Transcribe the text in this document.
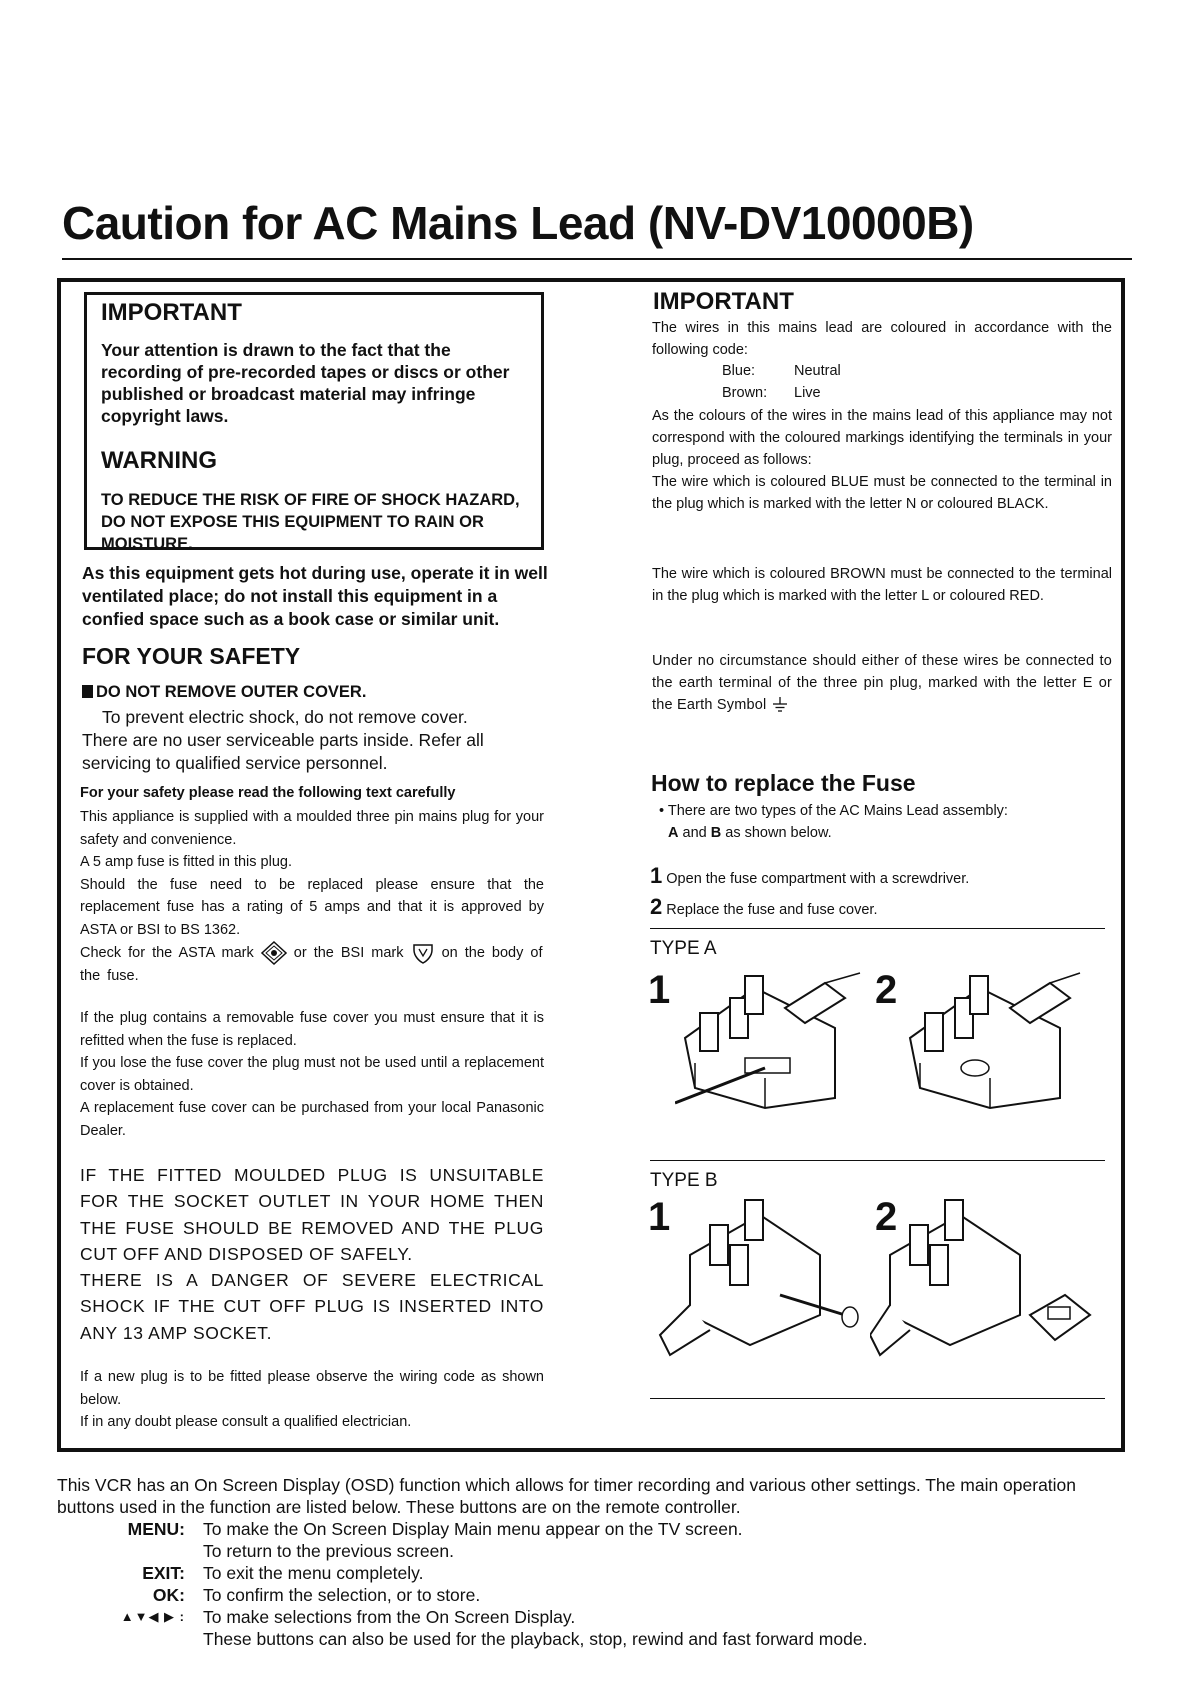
Caution for AC Mains Lead (NV-DV10000B)
IMPORTANT

Your attention is drawn to the fact that the recording of pre-recorded tapes or discs or other published or broadcast material may infringe copyright laws.

WARNING

TO REDUCE THE RISK OF FIRE OF SHOCK HAZARD, DO NOT EXPOSE THIS EQUIPMENT TO RAIN OR MOISTURE.

As this equipment gets hot during use, operate it in well ventilated place; do not install this equipment in a confied space such as a book case or similar unit.
FOR YOUR SAFETY
DO NOT REMOVE OUTER COVER.
To prevent electric shock, do not remove cover.
There are no user serviceable parts inside. Refer all servicing to qualified service personnel.
For your safety please read the following text carefully
This appliance is supplied with a moulded three pin mains plug for your safety and convenience.
A 5 amp fuse is fitted in this plug.
Should the fuse need to be replaced please ensure that the replacement fuse has a rating of 5 amps and that it is approved by ASTA or BSI to BS 1362.
Check for the ASTA mark	or the BSI mark	on the body of the fuse.
If the plug contains a removable fuse cover you must ensure that it is refitted when the fuse is replaced.
If you lose the fuse cover the plug must not be used until a replacement cover is obtained.
A replacement fuse cover can be purchased from your local Panasonic Dealer.
IF THE FITTED MOULDED PLUG IS UNSUITABLE FOR THE SOCKET OUTLET IN YOUR HOME THEN THE FUSE SHOULD BE REMOVED AND THE PLUG CUT OFF AND DISPOSED OF SAFELY.
THERE IS A DANGER OF SEVERE ELECTRICAL SHOCK IF THE CUT OFF PLUG IS INSERTED INTO ANY 13 AMP SOCKET.
If a new plug is to be fitted please observe the wiring code as shown below.
If in any doubt please consult a qualified electrician.
IMPORTANT
The wires in this mains lead are coloured in accordance with the following code:
Blue:	Neutral
Brown: Live
As the colours of the wires in the mains lead of this appliance may not correspond with the coloured markings identifying the terminals in your plug, proceed as follows:
The wire which is coloured BLUE must be connected to the terminal in the plug which is marked with the letter N or coloured BLACK.
The wire which is coloured BROWN must be connected to the terminal in the plug which is marked with the letter L or coloured RED.
Under no circumstance should either of these wires be connected to the earth terminal of the three pin plug, marked with the letter E or the Earth Symbol
How to replace the Fuse
• There are two types of the AC Mains Lead assembly:
A and B as shown below.
1 Open the fuse compartment with a screwdriver.
2 Replace the fuse and fuse cover.
TYPE A
1	2
TYPE B
1	2
This VCR has an On Screen Display (OSD) function which allows for timer recording and various other settings. The main operation buttons used in the function are listed below. These buttons are on the remote controller.
MENU:	To make the On Screen Display Main menu appear on the TV screen.
To return to the previous screen.
EXIT:	To exit the menu completely.
OK:	To confirm the selection, or to store.
▲▼◀ ▶ :	To make selections from the On Screen Display.
These buttons can also be used for the playback, stop, rewind and fast forward mode.
